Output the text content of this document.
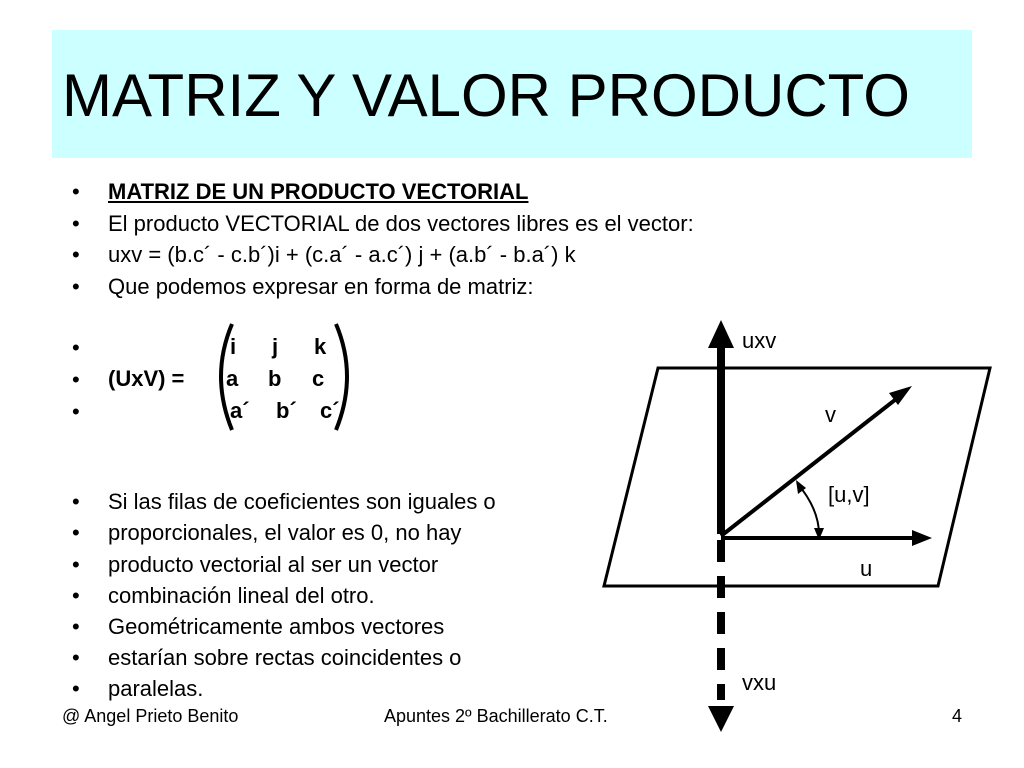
MATRIZ Y VALOR PRODUCTO
• MATRIZ DE UN PRODUCTO VECTORIAL
• El producto VECTORIAL de dos vectores libres es el vector:
• uxv = (b.c´ - c.b´)i + (c.a´ - a.c´) j + (a.b´ - b.a´) k
• Que podemos expresar en forma de matriz:
•
•
•
• Si las filas de coeficientes son iguales o
• proporcionales, el valor es 0, no hay
• producto vectorial al ser un vector
• combinación lineal del otro.
• Geométricamente ambos vectores
• estarían sobre rectas coincidentes o
• paralelas.
(UxV) =
i j k
a b c
a´ b´ c´
uxv
v
[u,v]
u
vxu
@ Angel Prieto Benito	Apuntes 2º Bachillerato C.T.	4
